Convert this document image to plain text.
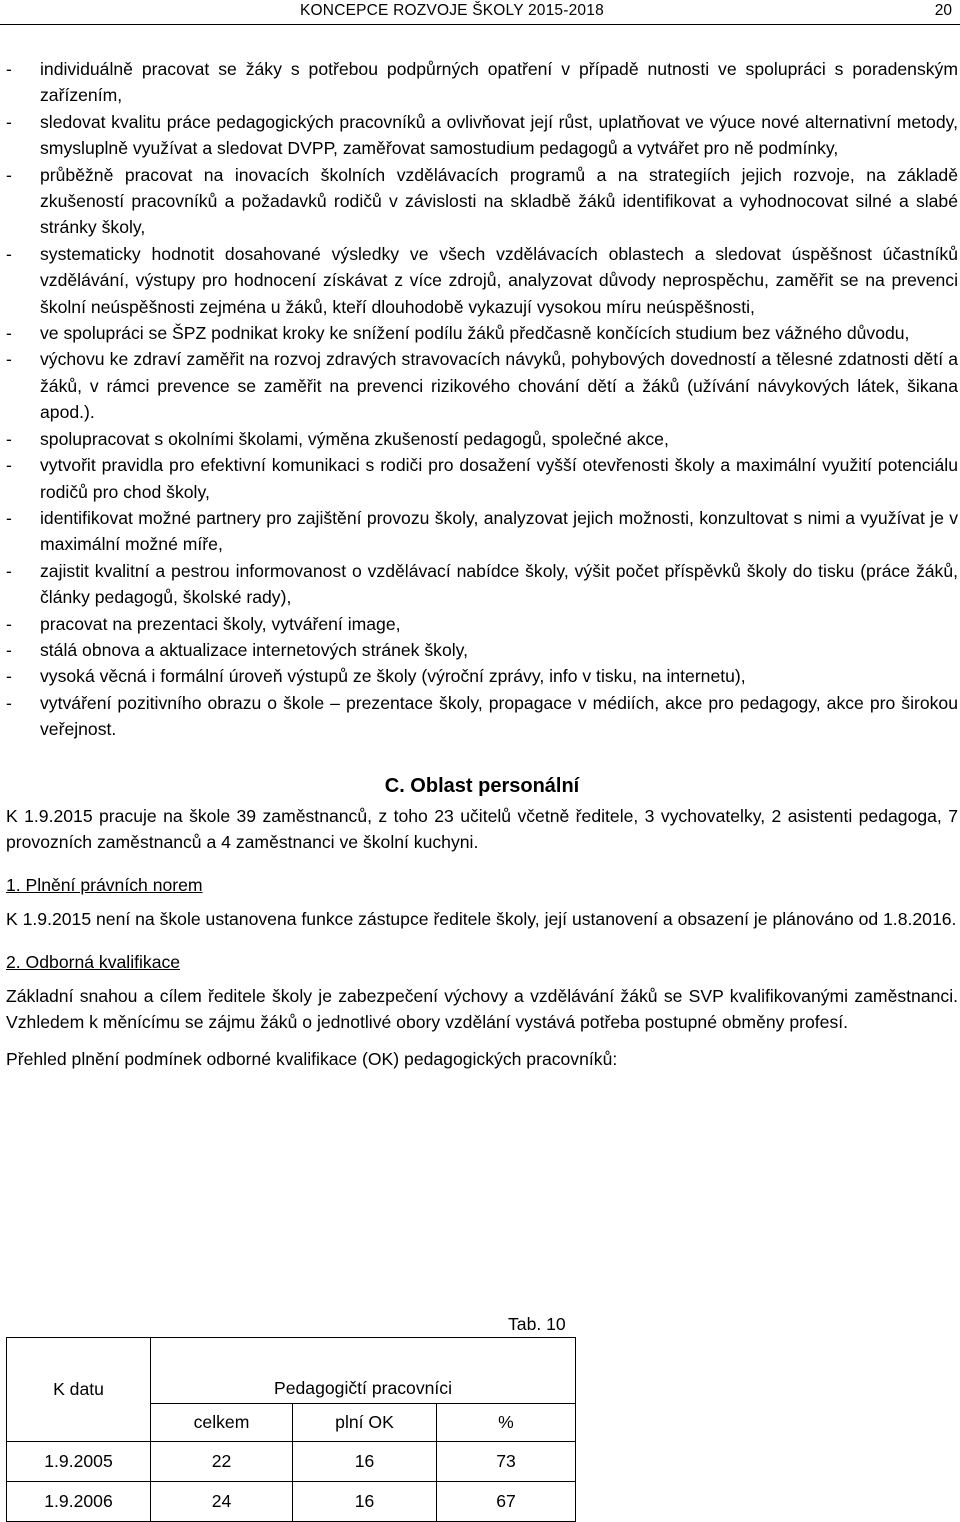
KONCEPCE ROZVOJE ŠKOLY 2015-2018	20
- individuálně pracovat se žáky s potřebou podpůrných opatření v případě nutnosti ve spolupráci s poradenským zařízením,
- sledovat kvalitu práce pedagogických pracovníků a ovlivňovat její růst, uplatňovat ve výuce nové alternativní metody, smysluplně využívat a sledovat DVPP, zaměřovat samostudium pedagogů a vytvářet pro ně podmínky,
- průběžně pracovat na inovacích školních vzdělávacích programů a na strategiích jejich rozvoje, na základě zkušeností pracovníků a požadavků rodičů v závislosti na skladbě žáků identifikovat a vyhodnocovat silné a slabé stránky školy,
- systematicky hodnotit dosahované výsledky ve všech vzdělávacích oblastech a sledovat úspěšnost účastníků vzdělávání, výstupy pro hodnocení získávat z více zdrojů, analyzovat důvody neprospěchu, zaměřit se na prevenci školní neúspěšnosti zejména u žáků, kteří dlouhodobě vykazují vysokou míru neúspěšnosti,
- ve spolupráci se ŠPZ podnikat kroky ke snížení podílu žáků předčasně končících studium bez vážného důvodu,
- výchovu ke zdraví zaměřit na rozvoj zdravých stravovacích návyků, pohybových dovedností a tělesné zdatnosti dětí a žáků, v rámci prevence se zaměřit na prevenci rizikového chování dětí a žáků (užívání návykových látek, šikana apod.).
- spolupracovat s okolními školami, výměna zkušeností pedagogů, společné akce,
- vytvořit pravidla pro efektivní komunikaci s rodiči pro dosažení vyšší otevřenosti školy a maximální využití potenciálu rodičů pro chod školy,
- identifikovat možné partnery pro zajištění provozu školy, analyzovat jejich možnosti, konzultovat s nimi a využívat je v maximální možné míře,
- zajistit kvalitní a pestrou informovanost o vzdělávací nabídce školy, výšit počet příspěvků školy do tisku (práce žáků, články pedagogů, školské rady),
- pracovat na prezentaci školy, vytváření image,
- stálá obnova a aktualizace internetových stránek školy,
- vysoká věcná i formální úroveň výstupů ze školy (výroční zprávy, info v tisku, na internetu),
- vytváření pozitivního obrazu o škole – prezentace školy, propagace v médiích, akce pro pedagogy, akce pro širokou veřejnost.
C. Oblast personální

K 1.9.2015 pracuje na škole 39 zaměstnanců, z toho 23 učitelů včetně ředitele, 3 vychovatelky, 2 asistenti pedagoga, 7 provozních zaměstnanců a 4 zaměstnanci ve školní kuchyni.

1. Plnění právních norem

K 1.9.2015 není na škole ustanovena funkce zástupce ředitele školy, její ustanovení a obsazení je plánováno od 1.8.2016.

2. Odborná kvalifikace

Základní snahou a cílem ředitele školy je zabezpečení výchovy a vzdělávání žáků se SVP kvalifikovanými zaměstnanci. Vzhledem k měnícímu se zájmu žáků o jednotlivé obory vzdělání vystává potřeba postupné obměny profesí.

Přehled plnění podmínek odborné kvalifikace (OK) pedagogických pracovníků:

Tab. 10
K datu	Pedagogičtí pracovníci		
	celkem	plní OK	%
1.9.2005	22	16	73
1.9.2006	24	16	67
